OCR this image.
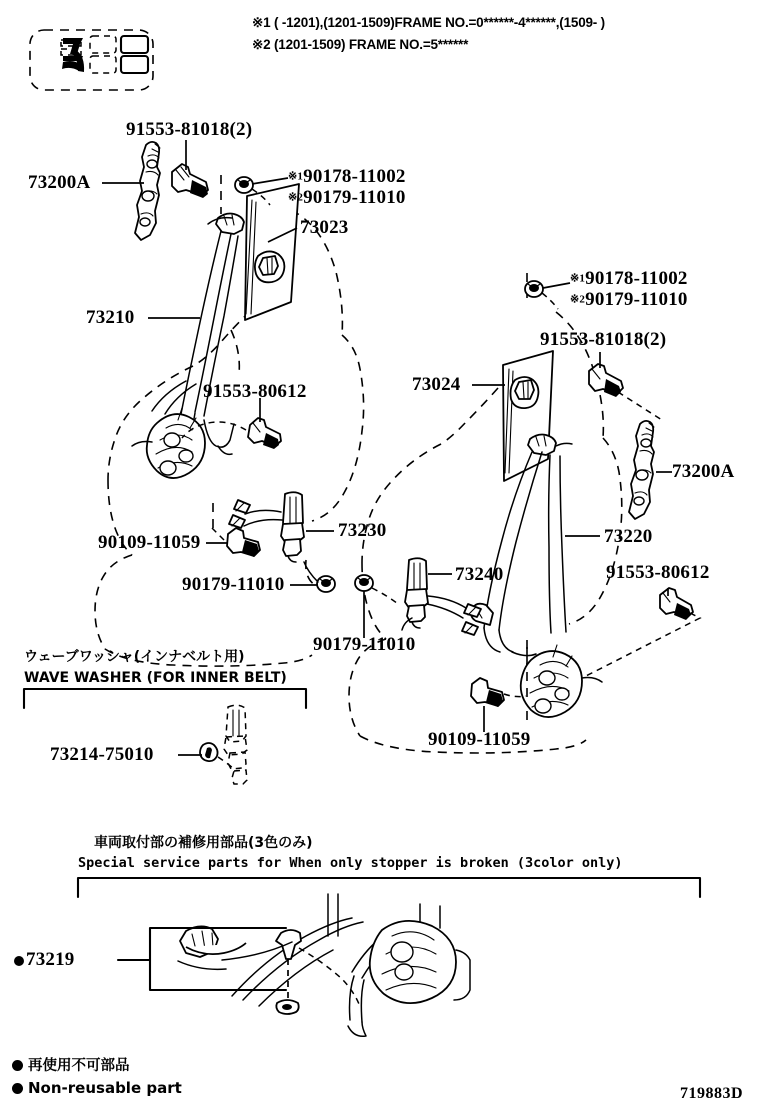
※1 ( -1201),(1201-1509)FRAME NO.=0******-4******,(1509- )
※2 (1201-1509) FRAME NO.=5******
73200A
91553-81018(2)
※190178-11002
※290179-11010
73023
73210
91553-80612
90109-11059
90179-11010
73230
73024
※190178-11002
※290179-11010
91553-81018(2)
73200A
73220
91553-80612
73240
90179-11010
90109-11059
ウェーブワッシャ(インナベルト用)
WAVE WASHER (FOR INNER BELT)
73214-75010
車両取付部の補修用部品(3色のみ)
Special service parts for When only stopper is broken (3color only)
73219
再使用不可部品
Non-reusable part	719883D
